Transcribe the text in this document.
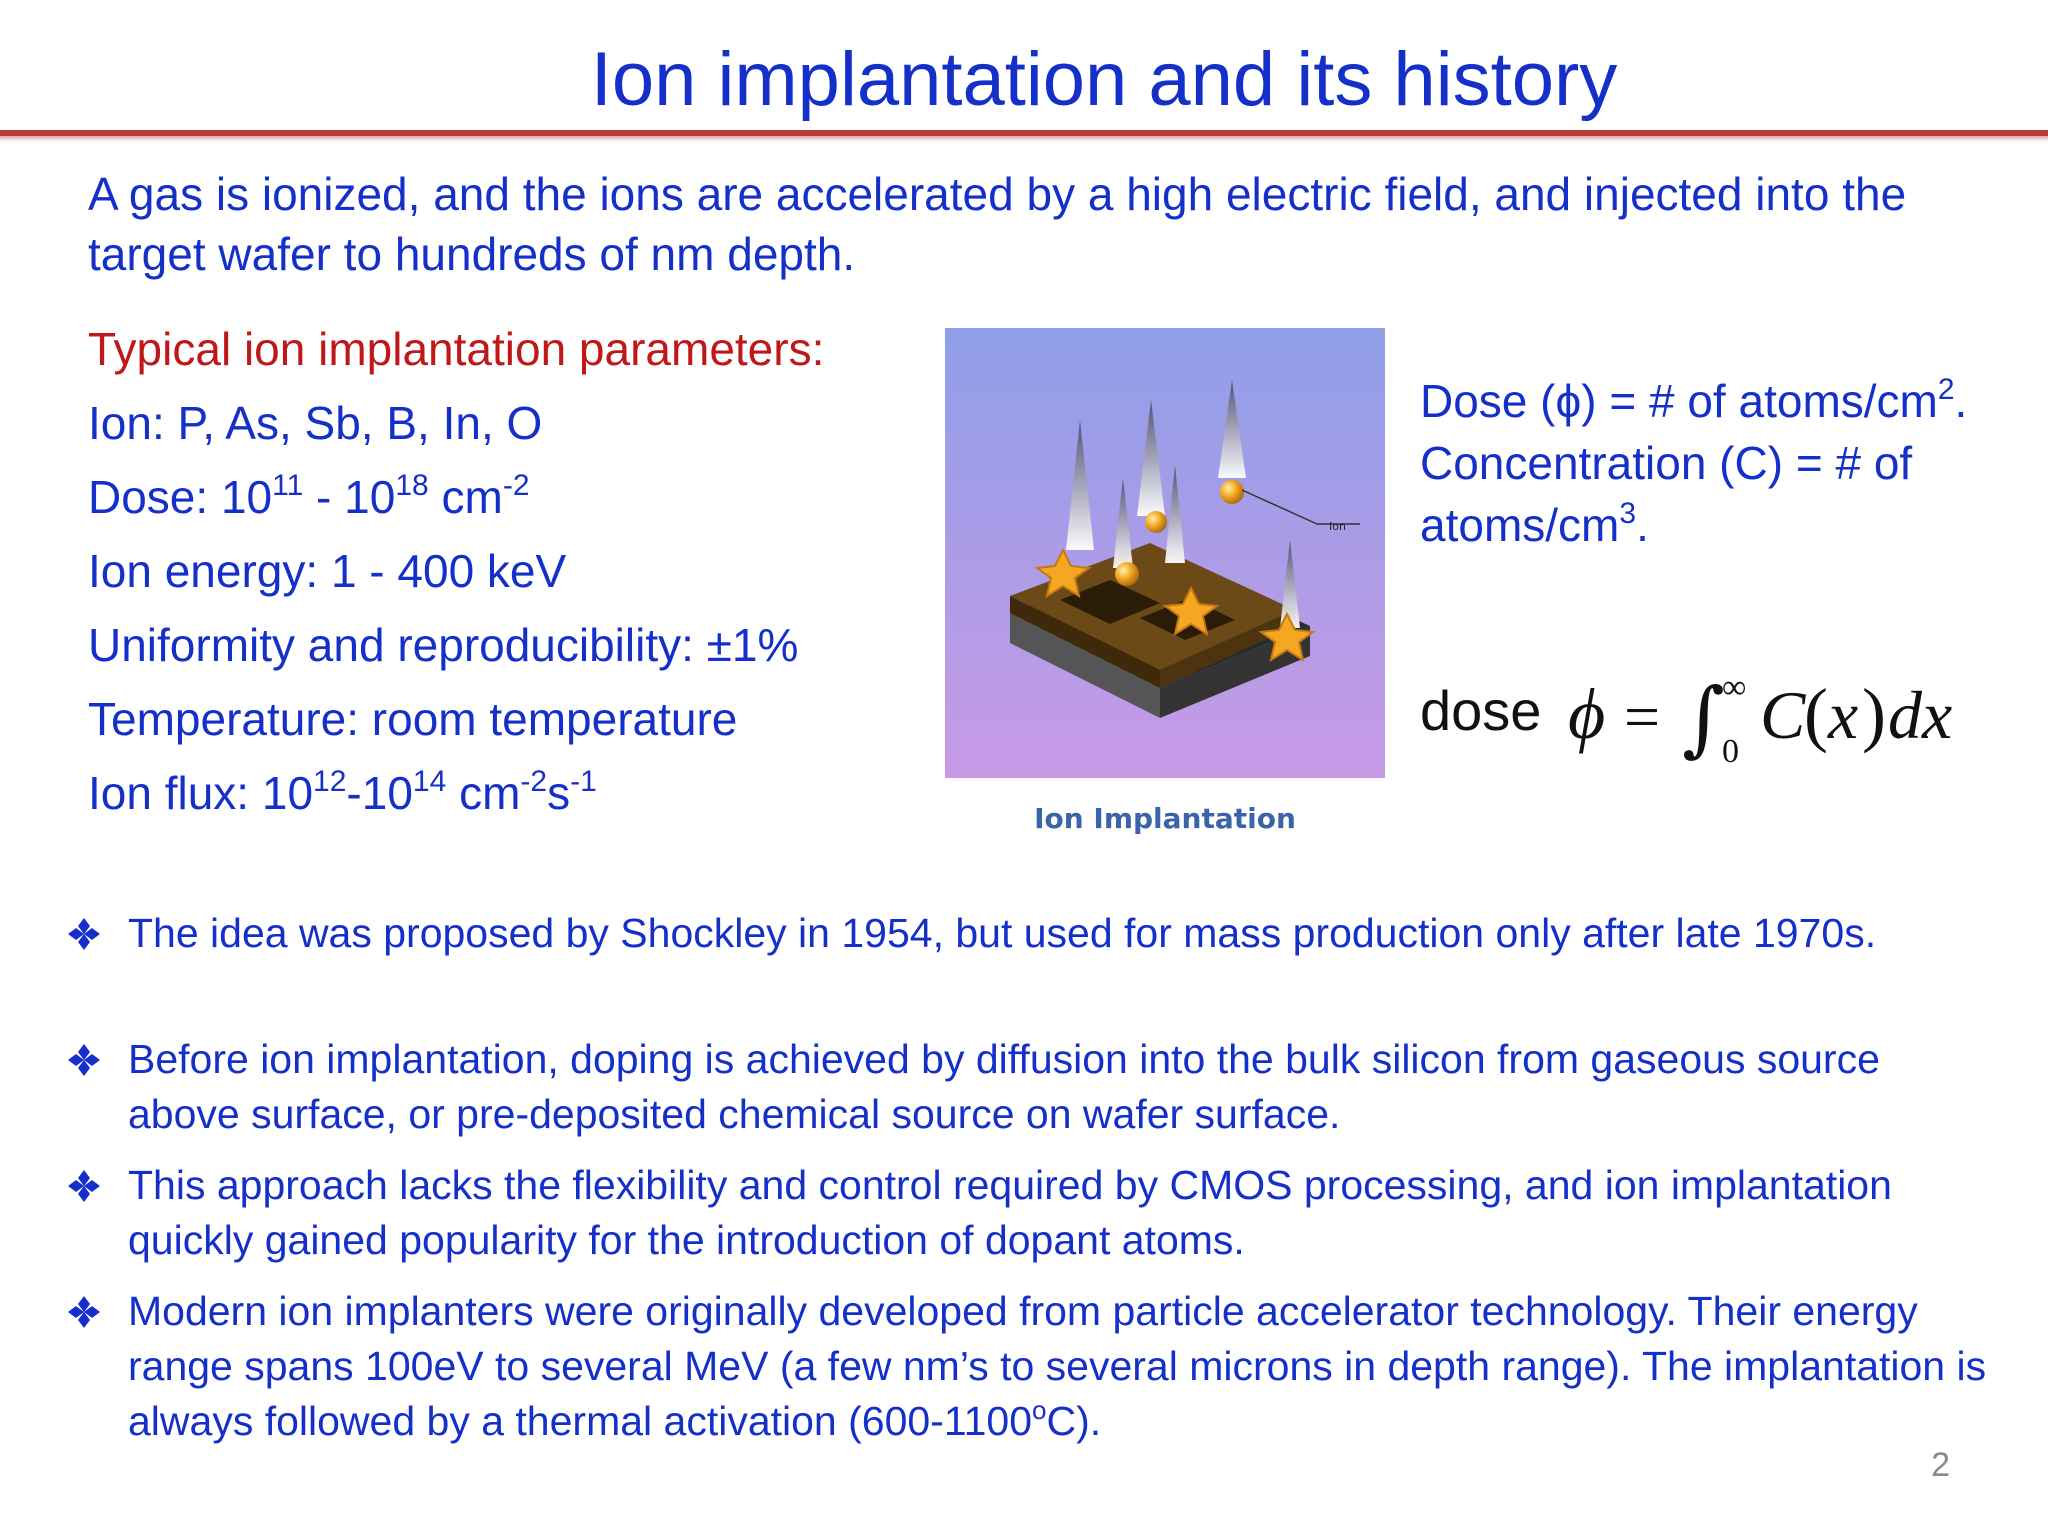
Ion implantation and its history
A gas is ionized, and the ions are accelerated by a high electric field, and injected into the target wafer to hundreds of nm depth.
Typical ion implantation parameters:
Ion: P, As, Sb, B, In, O
Dose: $10^{11} - 10^{18}$ $cm^{-2}$
Ion energy: 1 - 400 keV
Uniformity and reproducibility: ±1%
Temperature: room temperature
Ion flux: $10^{12}-10^{14}$ $cm^{-2}s^{-1}$
Ion
Ion Implantation
Dose (ϕ) = # of atoms/$cm^2$.
Concentration (C) = # of atoms/$cm^3$.
dose ϕ = ∫
∞
0 C
( x ) dx
The idea was proposed by Shockley in 1954, but used for mass production only after late 1970s.
Before ion implantation, doping is achieved by diffusion into the bulk silicon from gaseous source above surface, or pre-deposited chemical source on wafer surface.
This approach lacks the flexibility and control required by CMOS processing, and ion implantation quickly gained popularity for the introduction of dopant atoms.
Modern ion implanters were originally developed from particle accelerator technology. Their energy range spans 100eV to several MeV (a few nm’s to several microns in depth range). The implantation is always followed by a thermal activation (600-1100$^o$C).
2
